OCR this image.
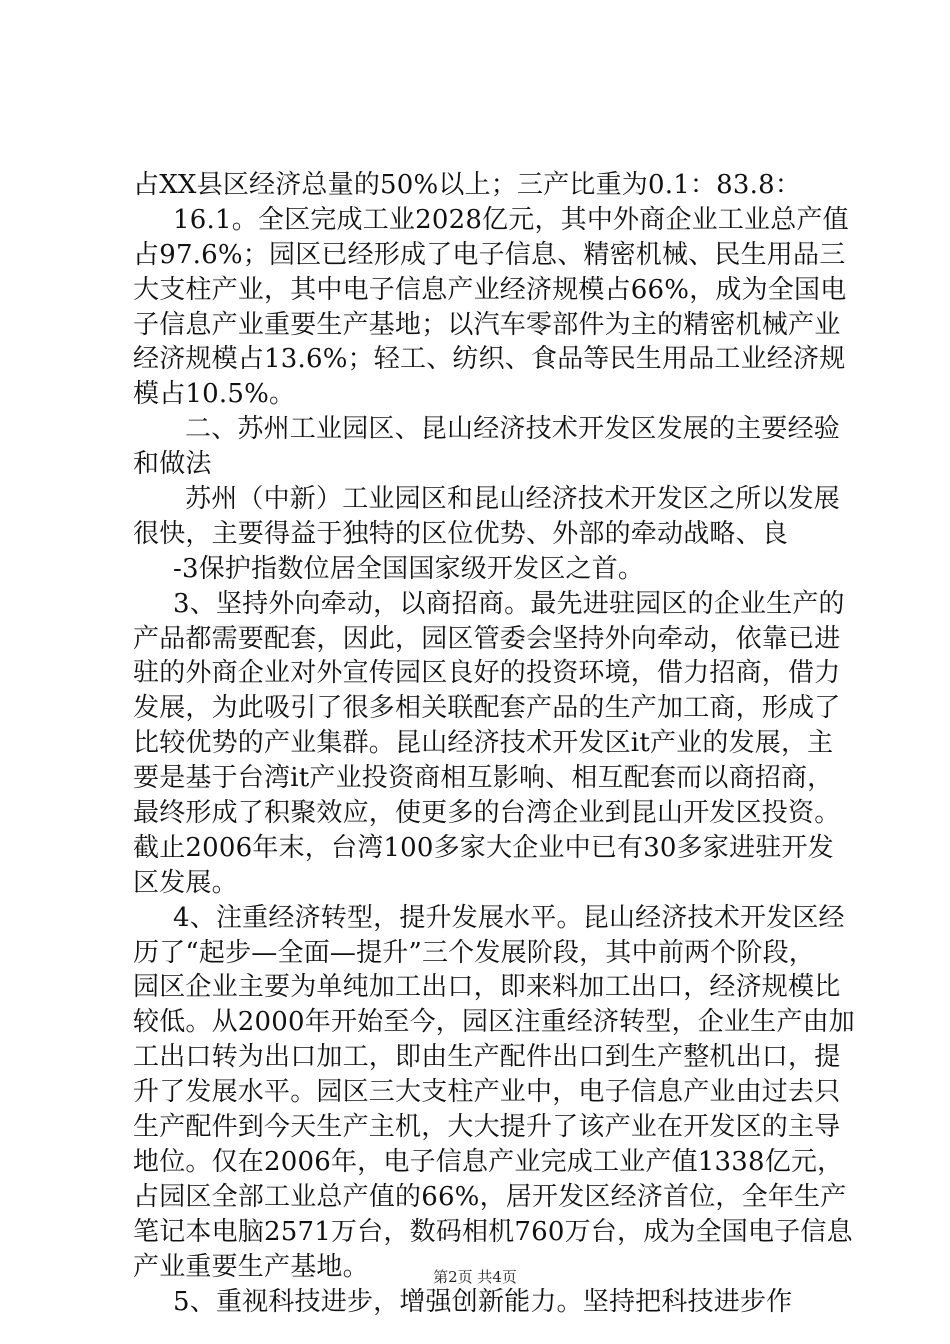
占XX县区经济总量的50%以上；三产比重为0.1：83.8：
16.1。全区完成工业2028亿元，其中外商企业工业总产值
占97.6%；园区已经形成了电子信息、精密机械、民生用品三
大支柱产业，其中电子信息产业经济规模占66%，成为全国电
子信息产业重要生产基地；以汽车零部件为主的精密机械产业
经济规模占13.6%；轻工、纺织、食品等民生用品工业经济规
模占10.5%。
二、苏州工业园区、昆山经济技术开发区发展的主要经验
和做法
苏州（中新）工业园区和昆山经济技术开发区之所以发展
很快，主要得益于独特的区位优势、外部的牵动战略、良
-3保护指数位居全国国家级开发区之首。
3、坚持外向牵动，以商招商。最先进驻园区的企业生产的
产品都需要配套，因此，园区管委会坚持外向牵动，依靠已进
驻的外商企业对外宣传园区良好的投资环境，借力招商，借力
发展，为此吸引了很多相关联配套产品的生产加工商，形成了
比较优势的产业集群。昆山经济技术开发区it产业的发展，主
要是基于台湾it产业投资商相互影响、相互配套而以商招商，
最终形成了积聚效应，使更多的台湾企业到昆山开发区投资。
截止2006年末，台湾100多家大企业中已有30多家进驻开发
区发展。
4、注重经济转型，提升发展水平。昆山经济技术开发区经
历了“起步—全面—提升”三个发展阶段，其中前两个阶段，
园区企业主要为单纯加工出口，即来料加工出口，经济规模比
较低。从2000年开始至今，园区注重经济转型，企业生产由加
工出口转为出口加工，即由生产配件出口到生产整机出口，提
升了发展水平。园区三大支柱产业中，电子信息产业由过去只
生产配件到今天生产主机，大大提升了该产业在开发区的主导
地位。仅在2006年，电子信息产业完成工业产值1338亿元，
占园区全部工业总产值的66%，居开发区经济首位，全年生产
笔记本电脑2571万台，数码相机760万台，成为全国电子信息
产业重要生产基地。
5、重视科技进步，增强创新能力。坚持把科技进步作
第2页 共4页
